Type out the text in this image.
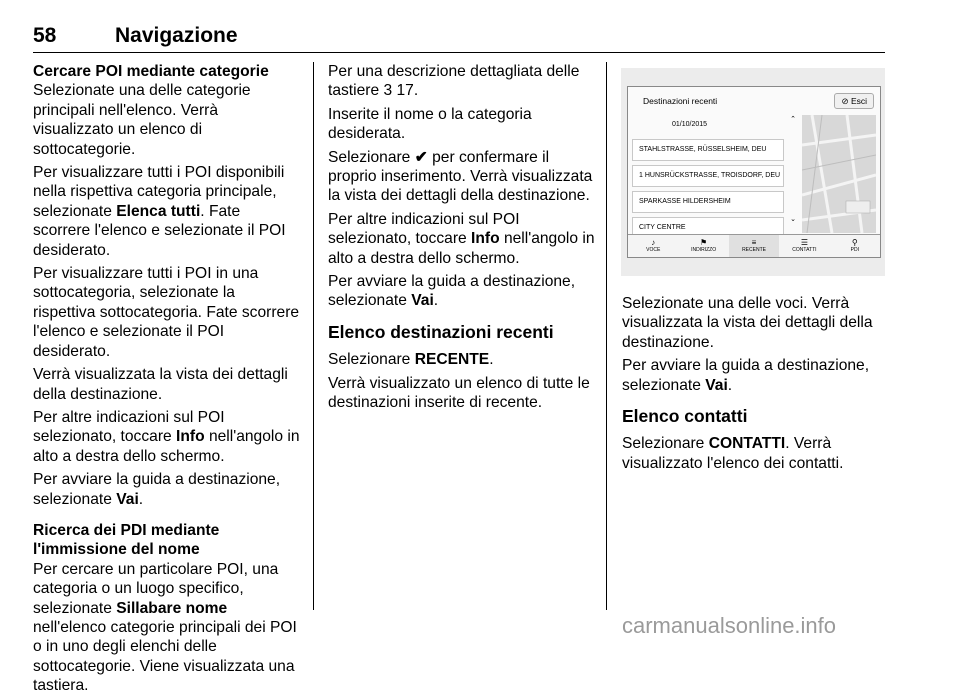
58	Navigazione
Cercare POI mediante categorie

Selezionate una delle categorie principali nell'elenco. Verrà visualizzato un elenco di sottocategorie.

Per visualizzare tutti i POI disponibili nella rispettiva categoria principale, selezionate Elenca tutti. Fate scorrere l'elenco e selezionate il POI desiderato.

Per visualizzare tutti i POI in una sottocategoria, selezionate la rispettiva sottocategoria. Fate scorrere l'elenco e selezionate il POI desiderato.

Verrà visualizzata la vista dei dettagli della destinazione.

Per altre indicazioni sul POI selezionato, toccare Info nell'angolo in alto a destra dello schermo.

Per avviare la guida a destinazione, selezionate Vai.

Ricerca dei PDI mediante l'immissione del nome

Per cercare un particolare POI, una categoria o un luogo specifico, selezionate Sillabare nome nell'elenco categorie principali dei POI o in uno degli elenchi delle sottocategorie. Viene visualizzata una tastiera.

Per una descrizione dettagliata delle tastiere 3 17.

Inserite il nome o la categoria desiderata.

Selezionare ✔ per confermare il proprio inserimento. Verrà visualizzata la vista dei dettagli della destinazione.

Per altre indicazioni sul POI selezionato, toccare Info nell'angolo in alto a destra dello schermo.

Per avviare la guida a destinazione, selezionate Vai.

Elenco destinazioni recenti

Selezionare RECENTE.

Verrà visualizzato un elenco di tutte le destinazioni inserite di recente.

Destinazioni recenti	⊘ Esci
01/10/2015
STAHLSTRASSE, RÜSSELSHEIM, DEU
1 HUNSRÜCKSTRASSE, TROISDORF, DEU
SPARKASSE HILDERSHEIM
CITY CENTRE
⌃
⌄
♪
VOCE
⚑
INDIRIZZO
≡
RECENTE
☰
CONTATTI
⚲
PDI

Selezionate una delle voci. Verrà visualizzata la vista dei dettagli della destinazione.

Per avviare la guida a destinazione, selezionate Vai.

Elenco contatti

Selezionare CONTATTI. Verrà visualizzato l'elenco dei contatti.

carmanualsonline.info
